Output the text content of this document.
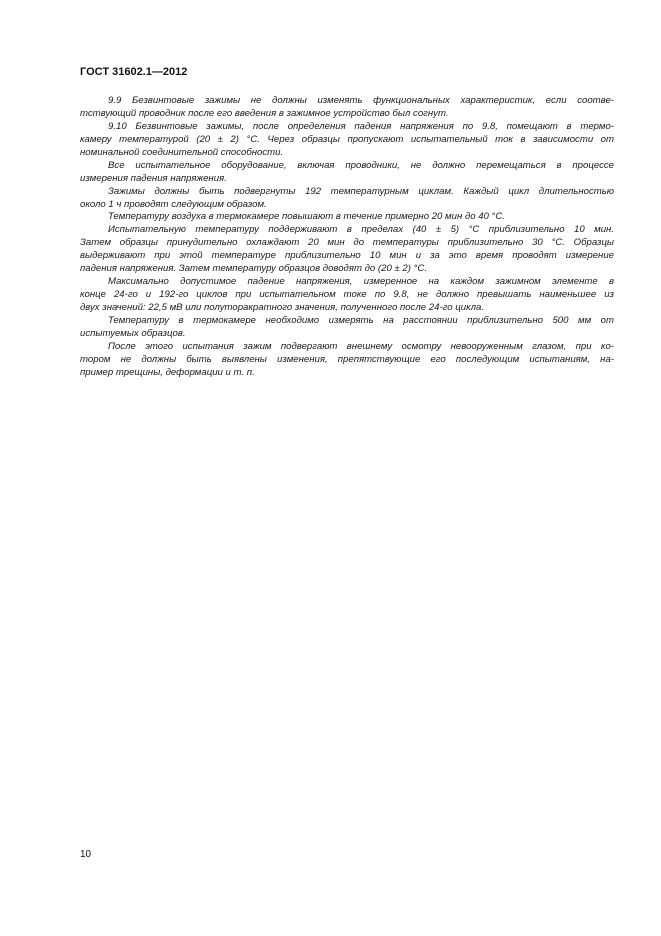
ГОСТ 31602.1—2012
9.9 Безвинтовые зажимы не должны изменять функциональных характеристик, если соотве-
тствующий проводник после его введения в зажимное устройство был согнут.
9.10 Безвинтовые зажимы, после определения падения напряжения по 9.8, помещают в термо-
камеру температурой (20 ± 2) °С. Через образцы пропускают испытательный ток в зависимости от
номинальной соединительной способности.
Все испытательное оборудование, включая проводники, не должно перемещаться в процессе
измерения падения напряжения.
Зажимы должны быть подвергнуты 192 температурным циклам. Каждый цикл длительностью
около 1 ч проводят следующим образом.
Температуру воздуха в термокамере повышают в течение примерно 20 мин до 40 °С.
Испытательную температуру поддерживают в пределах (40 ± 5) °С приблизительно 10 мин.
Затем образцы принудительно охлаждают 20 мин до температуры приблизительно 30 °С. Образцы
выдерживают при этой температуре приблизительно 10 мин и за это время проводят измерение
падения напряжения. Затем температуру образцов доводят до (20 ± 2) °С.
Максимально допустимое падение напряжения, измеренное на каждом зажимном элементе в
конце 24-го и 192-го циклов при испытательном токе по 9.8, не должно превышать наименьшее из
двух значений: 22,5 мВ или полуторакратного значения, полученного после 24-го цикла.
Температуру в термокамере необходимо измерять на расстоянии приблизительно 500 мм от
испытуемых образцов.
После этого испытания зажим подвергают внешнему осмотру невооруженным глазом, при ко-
тором не должны быть выявлены изменения, препятствующие его последующим испытаниям, на-
пример трещины, деформации и т. п.
10
